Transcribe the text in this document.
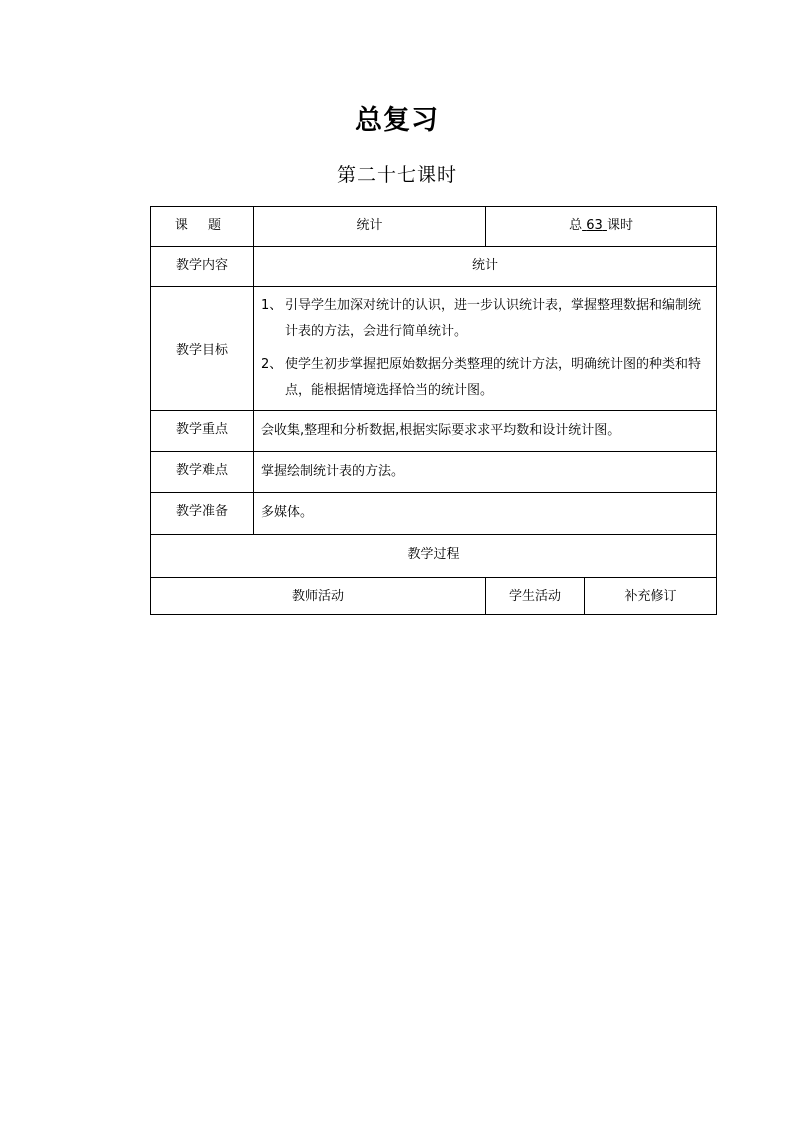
总复习
第二十七课时
课 题	统计	总 63 课时	
教学内容	统计		
教学目标	1、 引导学生加深对统计的认识，进一步认识统计表，掌握整理数据和编制统计表的方法，会进行简单统计。
2、 使学生初步掌握把原始数据分类整理的统计方法，明确统计图的种类和特点，能根据情境选择恰当的统计图。		

教学重点	会收集,整理和分析数据,根据实际要求求平均数和设计统计图。		
教学难点	掌握绘制统计表的方法。		
教学准备	多媒体。		
教学过程			
教师活动		学生活动	补充修订
